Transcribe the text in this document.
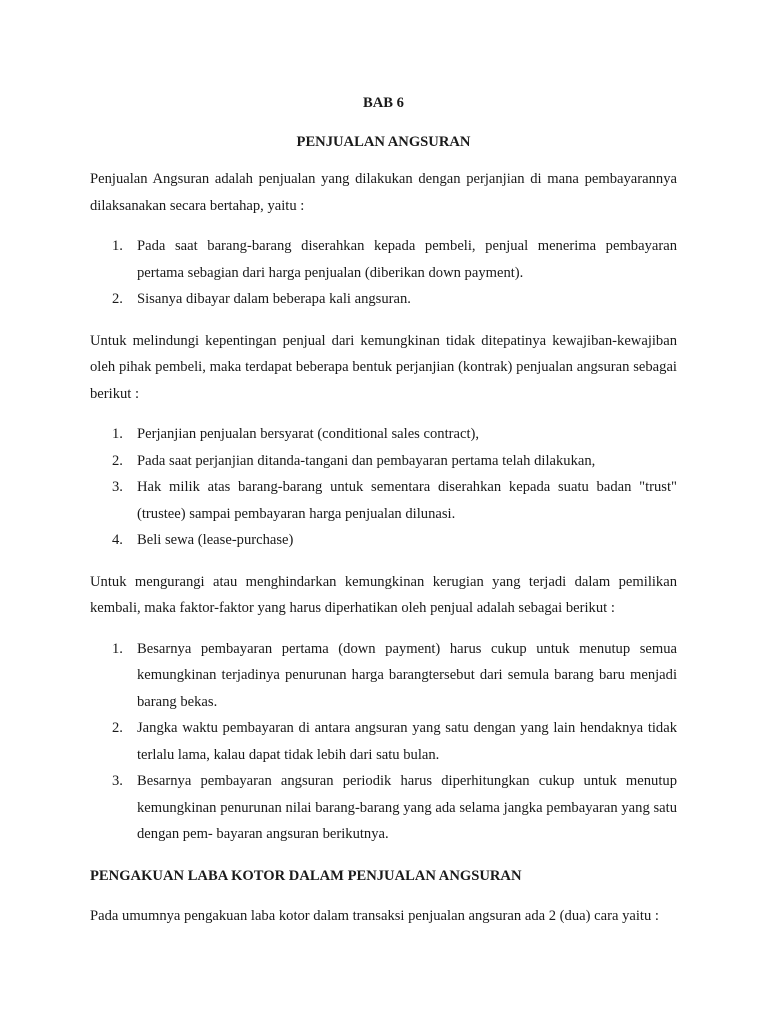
BAB 6

PENJUALAN ANGSURAN

Penjualan Angsuran adalah penjualan yang dilakukan dengan perjanjian di mana pembayarannya dilaksanakan secara bertahap, yaitu :

1. Pada saat barang-barang diserahkan kepada pembeli, penjual menerima pembayaran pertama sebagian dari harga penjualan (diberikan down payment).
2. Sisanya dibayar dalam beberapa kali angsuran.

Untuk melindungi kepentingan penjual dari kemungkinan tidak ditepatinya kewajiban-kewajiban oleh pihak pembeli, maka terdapat beberapa bentuk perjanjian (kontrak) penjualan angsuran sebagai berikut :

1. Perjanjian penjualan bersyarat (conditional sales contract),
2. Pada saat perjanjian ditanda-tangani dan pembayaran pertama telah dilakukan,
3. Hak milik atas barang-barang untuk sementara diserahkan kepada suatu badan "trust" (trustee) sampai pembayaran harga penjualan dilunasi.
4. Beli sewa (lease-purchase)

Untuk mengurangi atau menghindarkan kemungkinan kerugian yang terjadi dalam pemilikan kembali, maka faktor-faktor yang harus diperhatikan oleh penjual adalah sebagai berikut :

1. Besarnya pembayaran pertama (down payment) harus cukup untuk menutup semua kemungkinan terjadinya penurunan harga barangtersebut dari semula barang baru menjadi barang bekas.
2. Jangka waktu pembayaran di antara angsuran yang satu dengan yang lain hendaknya tidak terlalu lama, kalau dapat tidak lebih dari satu bulan.
3. Besarnya pembayaran angsuran periodik harus diperhitungkan cukup untuk menutup kemungkinan penurunan nilai barang-barang yang ada selama jangka pembayaran yang satu dengan pem- bayaran angsuran berikutnya.

PENGAKUAN LABA KOTOR DALAM PENJUALAN ANGSURAN

Pada umumnya pengakuan laba kotor dalam transaksi penjualan angsuran ada 2 (dua) cara yaitu :
